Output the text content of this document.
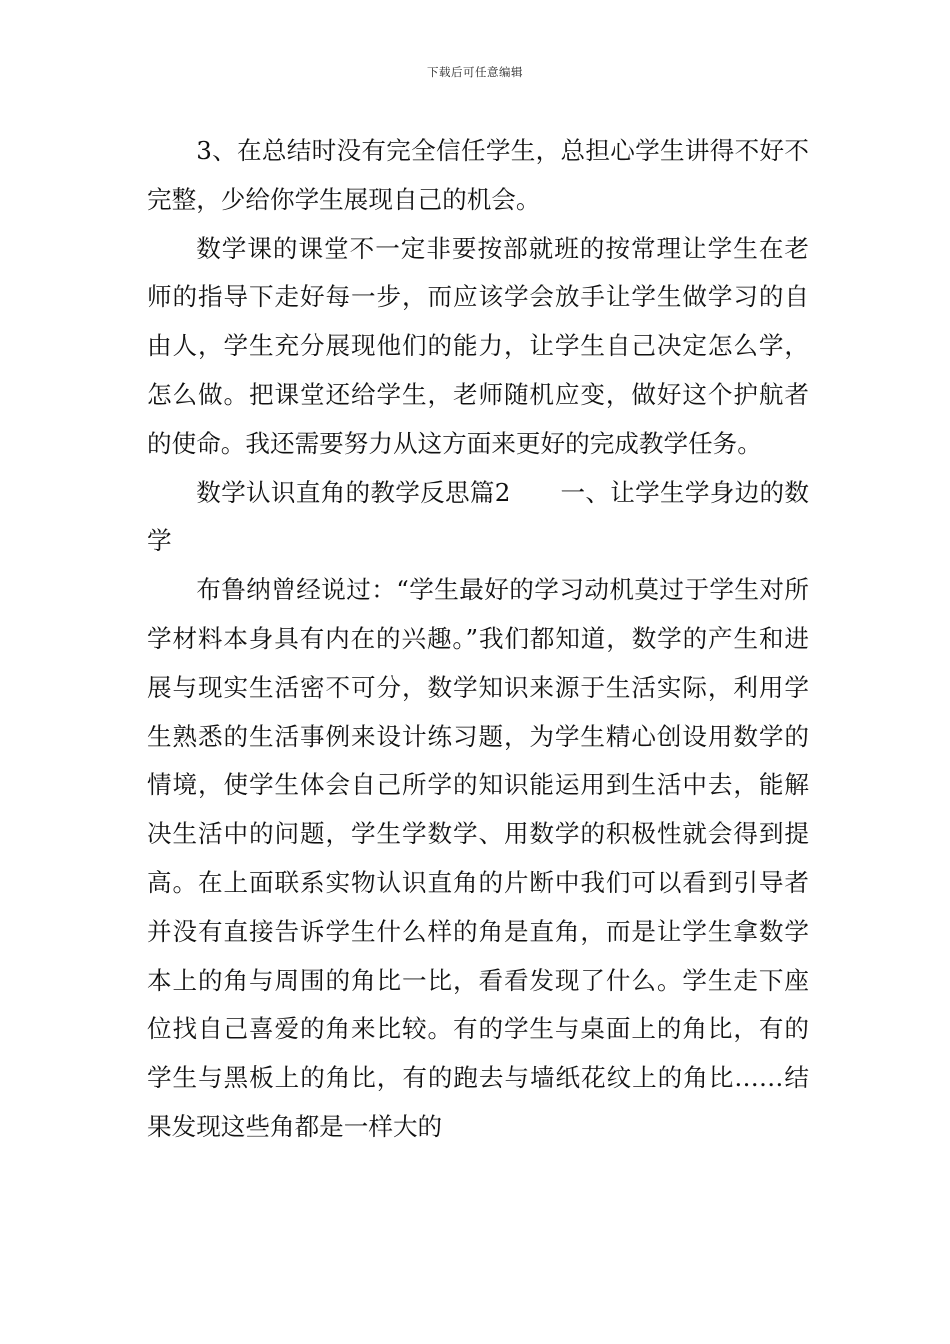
下载后可任意编辑

3、在总结时没有完全信任学生，总担心学生讲得不好不完整，少给你学生展现自己的机会。

数学课的课堂不一定非要按部就班的按常理让学生在老师的指导下走好每一步，而应该学会放手让学生做学习的自由人，学生充分展现他们的能力，让学生自己决定怎么学，怎么做。把课堂还给学生，老师随机应变，做好这个护航者的使命。我还需要努力从这方面来更好的完成教学任务。

数学认识直角的教学反思篇2　　一、让学生学身边的数学

布鲁纳曾经说过：“学生最好的学习动机莫过于学生对所学材料本身具有内在的兴趣。”我们都知道，数学的产生和进展与现实生活密不可分，数学知识来源于生活实际，利用学生熟悉的生活事例来设计练习题，为学生精心创设用数学的情境，使学生体会自己所学的知识能运用到生活中去，能解决生活中的问题，学生学数学、用数学的积极性就会得到提高。在上面联系实物认识直角的片断中我们可以看到引导者并没有直接告诉学生什么样的角是直角，而是让学生拿数学本上的角与周围的角比一比，看看发现了什么。学生走下座位找自己喜爱的角来比较。有的学生与桌面上的角比，有的学生与黑板上的角比，有的跑去与墙纸花纹上的角比……结果发现这些角都是一样大的
